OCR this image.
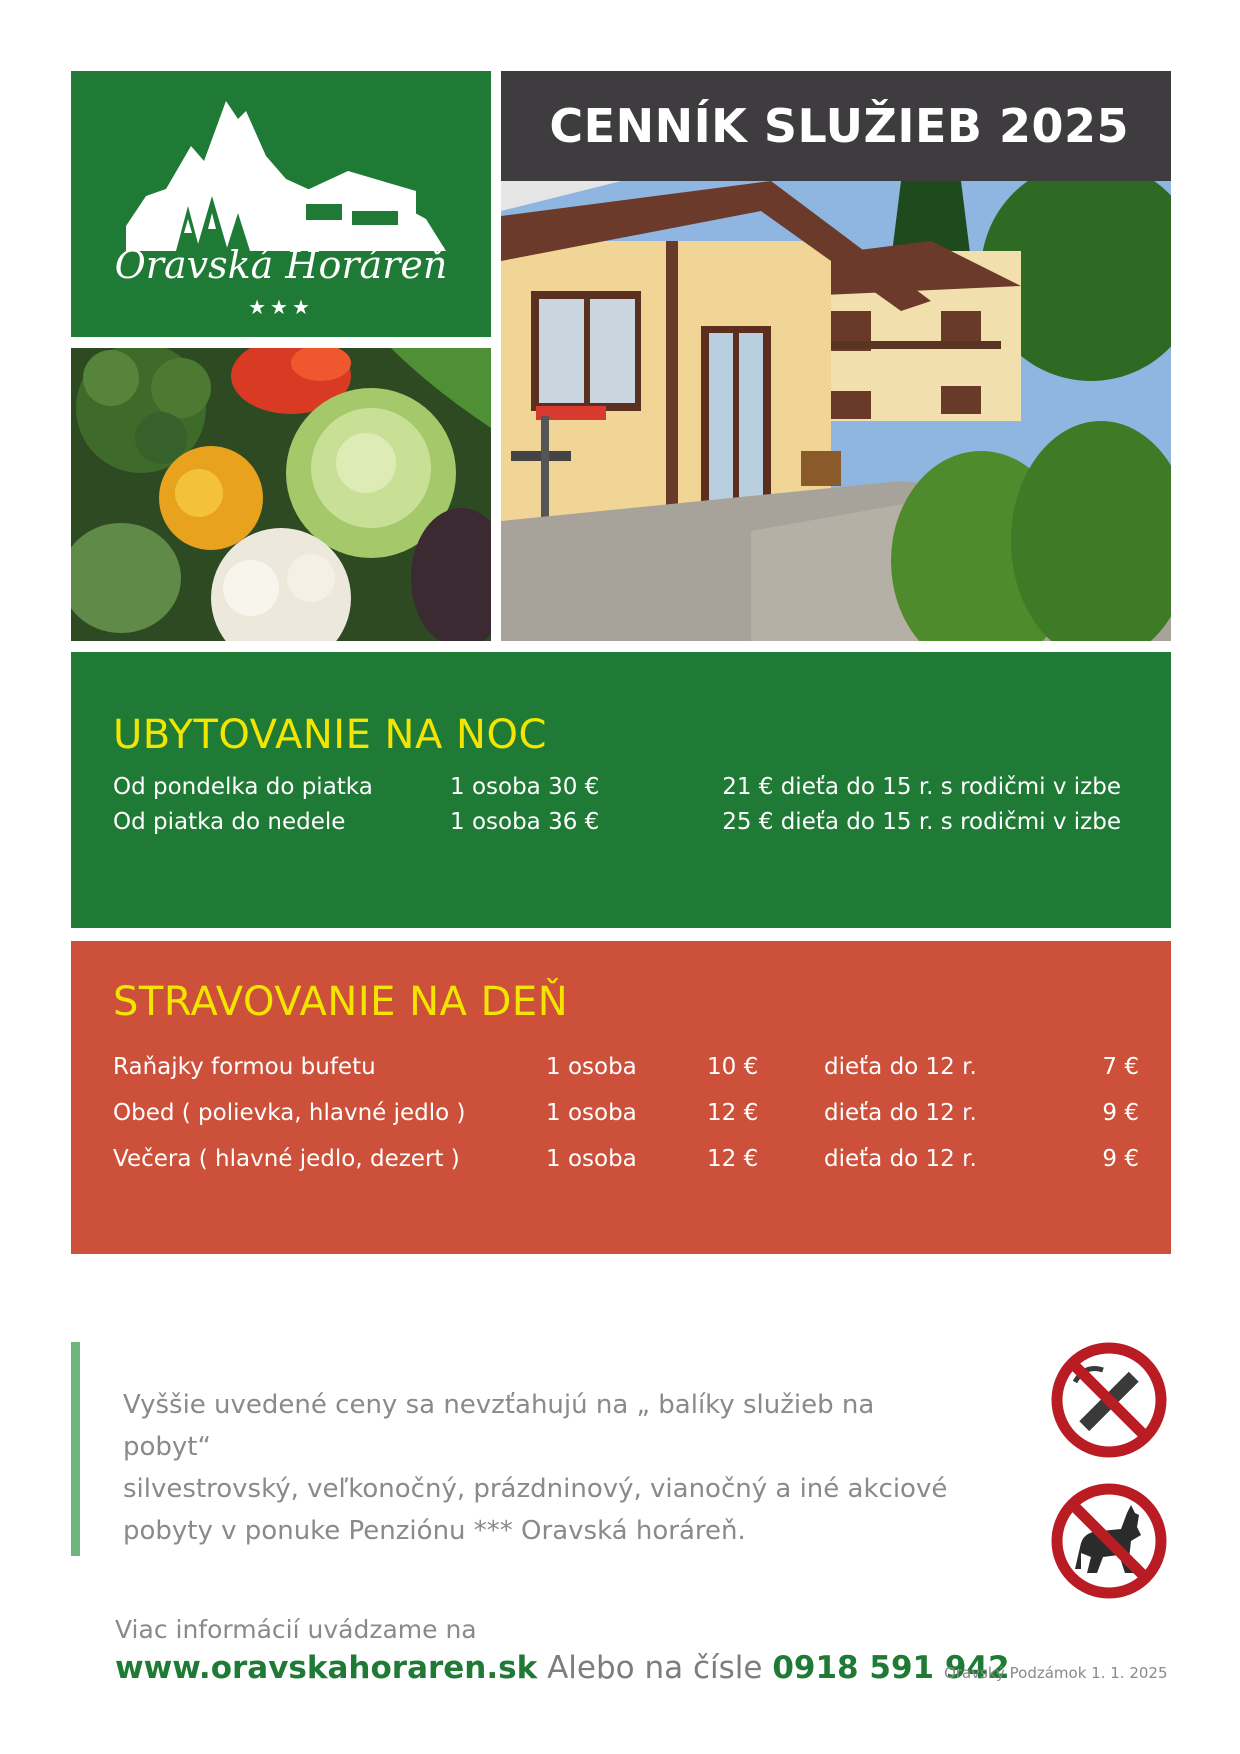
Oravská Horáreň
★★★
CENNÍK SLUŽIEB 2025
UBYTOVANIE NA NOC
Od pondelka do piatka	1 osoba 30 €	21 € dieťa do 15 r. s rodičmi v izbe
Od piatka do nedele	1 osoba 36 €	25 € dieťa do 15 r. s rodičmi v izbe
STRAVOVANIE NA DEŇ
Raňajky formou bufetu	1 osoba	10 €	dieťa do 12 r.	7 €
Obed ( polievka, hlavné jedlo )	1 osoba	12 €	dieťa do 12 r.	9 €
Večera ( hlavné jedlo, dezert )	1 osoba	12 €	dieťa do 12 r.	9 €
Vyššie uvedené ceny sa nevzťahujú na „ balíky služieb na pobyt“
silvestrovský, veľkonočný, prázdninový, vianočný a iné akciové
pobyty v ponuke Penziónu *** Oravská horáreň.
Viac informácií uvádzame na
www.oravskahoraren.sk Alebo na čísle 0918 591 942
Oravský Podzámok 1. 1. 2025
